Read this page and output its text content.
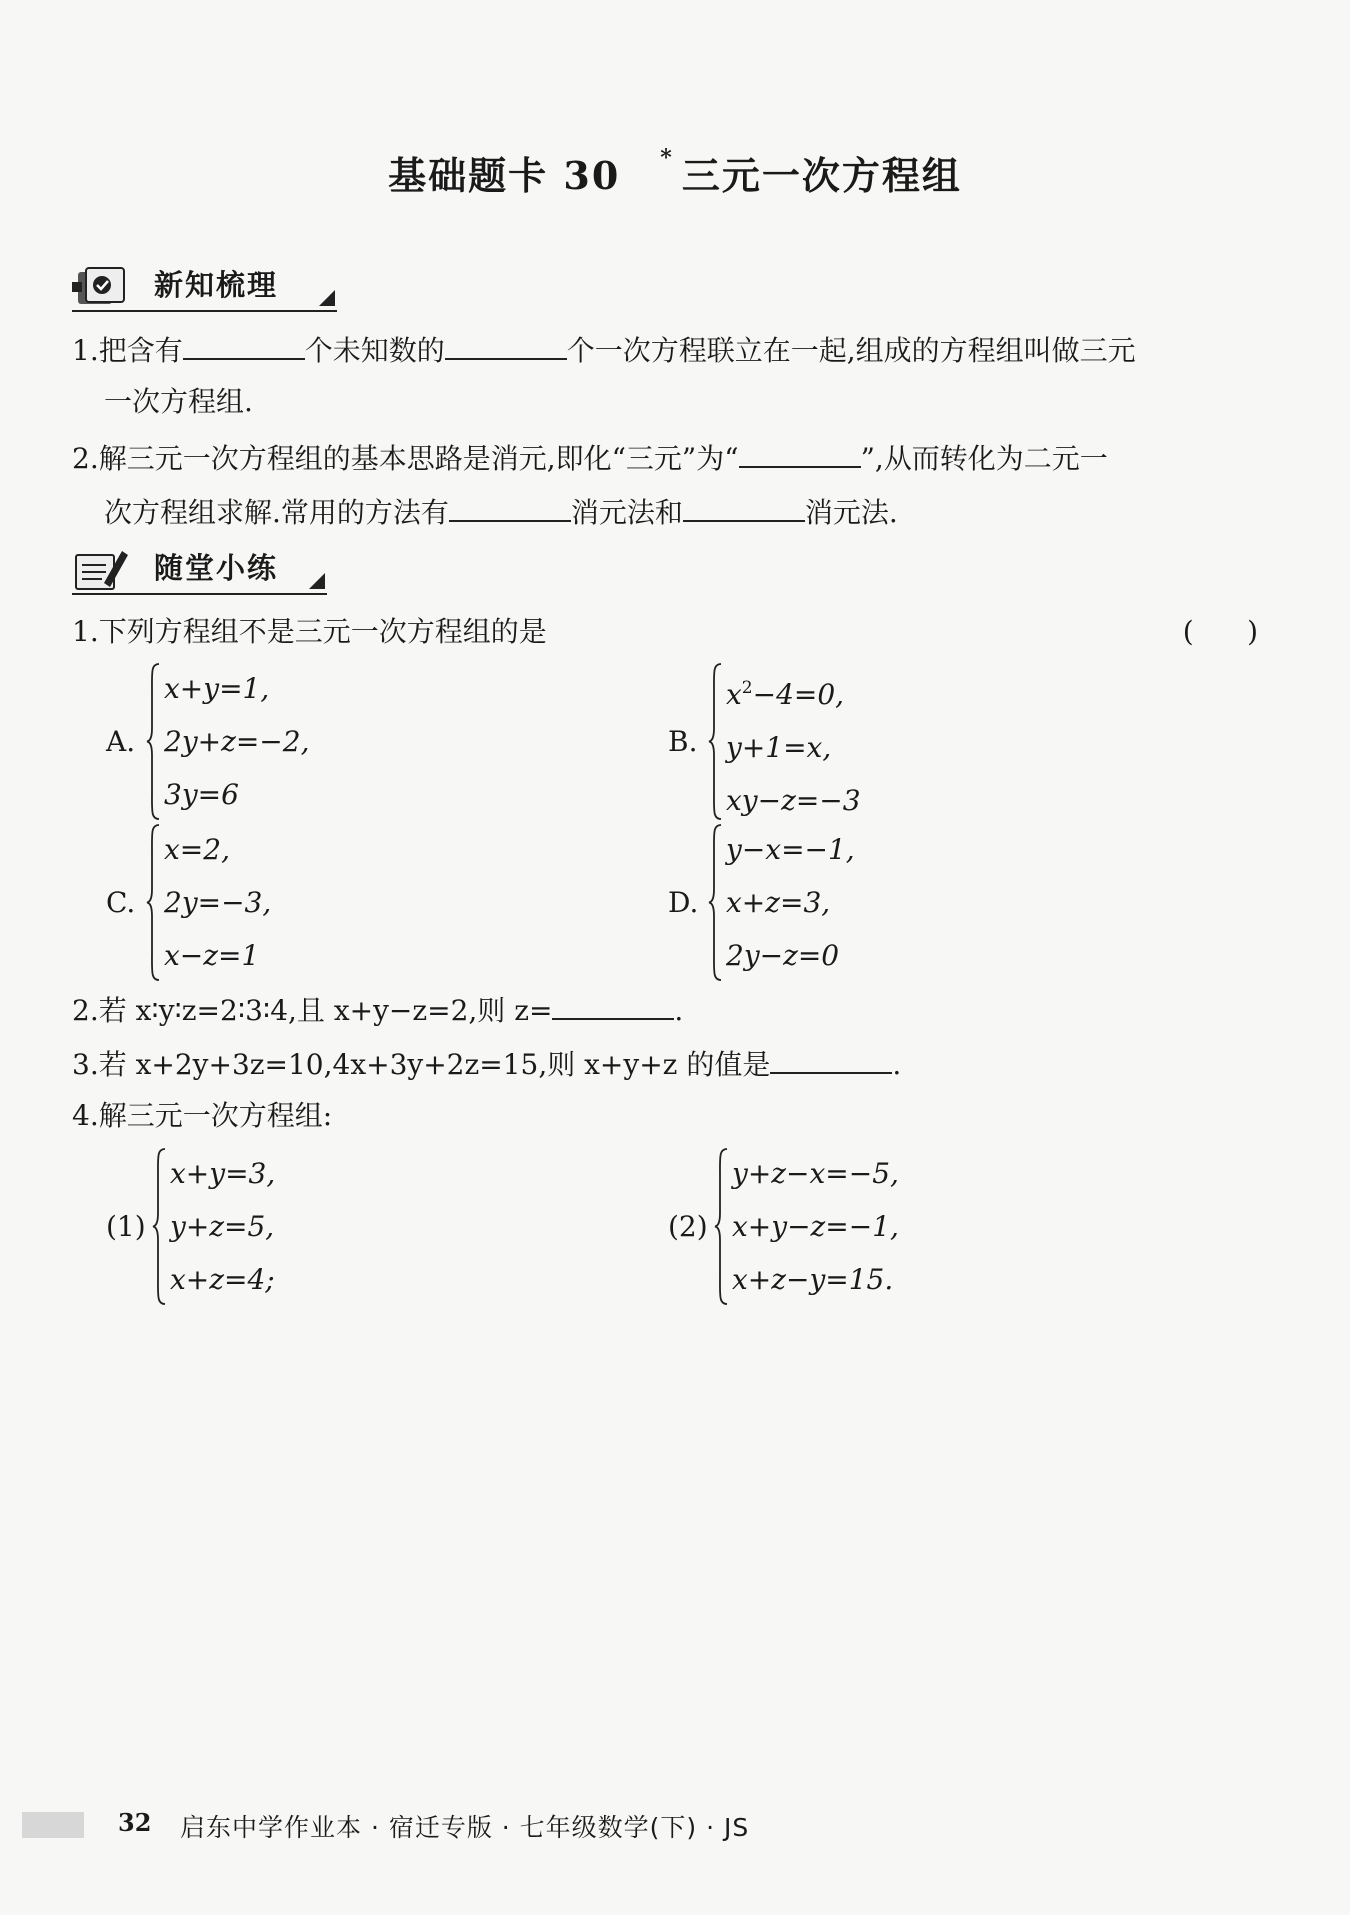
基础题卡 30 * 三元一次方程组
新知梳理
1.把含有	个未知数的	个一次方程联立在一起,组成的方程组叫做三元
一次方程组.
2.解三元一次方程组的基本思路是消元,即化“三元”为“	”,从而转化为二元一
次方程组求解.常用的方法有	消元法和	消元法.
随堂小练
1.下列方程组不是三元一次方程组的是	(      )
A.
x+y=1,
2y+z=−2,
3y=6
B.
$x^2-4=0$,
y+1=x,
xy−z=−3
C.
x=2,
2y=−3,
x−z=1
D.
y−x=−1,
x+z=3,
2y−z=0
2.若 x∶y∶z=2∶3∶4,且 x+y−z=2,则 z=	.
3.若 x+2y+3z=10,4x+3y+2z=15,则 x+y+z 的值是	.
4.解三元一次方程组:
(1)
x+y=3,
y+z=5,
x+z=4;
(2)
y+z−x=−5,
x+y−z=−1,
x+z−y=15.
32 启东中学作业本 · 宿迁专版 · 七年级数学(下) · JS
